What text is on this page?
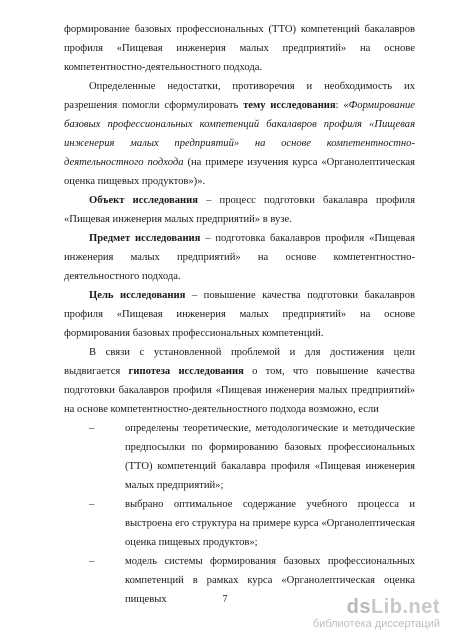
формирование базовых профессиональных (ТТО) компетенций бакалавров профиля «Пищевая инженерия малых предприятий» на основе компетентностно-деятельностного подхода.

Определенные недостатки, противоречия и необходимость их разрешения помогли сформулировать тему исследования: «Формирование базовых профессиональных компетенций бакалавров профиля «Пищевая инженерия малых предприятий» на основе компетентностно-деятельностного подхода (на примере изучения курса «Органолептическая оценка пищевых продуктов»)».

Объект исследования – процесс подготовки бакалавра профиля «Пищевая инженерия малых предприятий» в вузе.

Предмет исследования – подготовка бакалавров профиля «Пищевая инженерия малых предприятий» на основе компетентностно-деятельностного подхода.

Цель исследования – повышение качества подготовки бакалавров профиля «Пищевая инженерия малых предприятий» на основе формирования базовых профессиональных компетенций.

В связи с установленной проблемой и для достижения цели выдвигается гипотеза исследования о том, что повышение качества подготовки бакалавров профиля «Пищевая инженерия малых предприятий» на основе компетентностно-деятельностного подхода возможно, если

–	определены теоретические, методологические и методические предпосылки по формированию базовых профессиональных (ТТО) компетенций бакалавра профиля «Пищевая инженерия малых предприятий»;
–	выбрано оптимальное содержание учебного процесса и выстроена его структура на примере курса «Органолептическая оценка пищевых продуктов»;
–	модель системы формирования базовых профессиональных компетенций в рамках курса «Органолептическая оценка пищевых	7	dsLib.net
библиотека диссертаций
